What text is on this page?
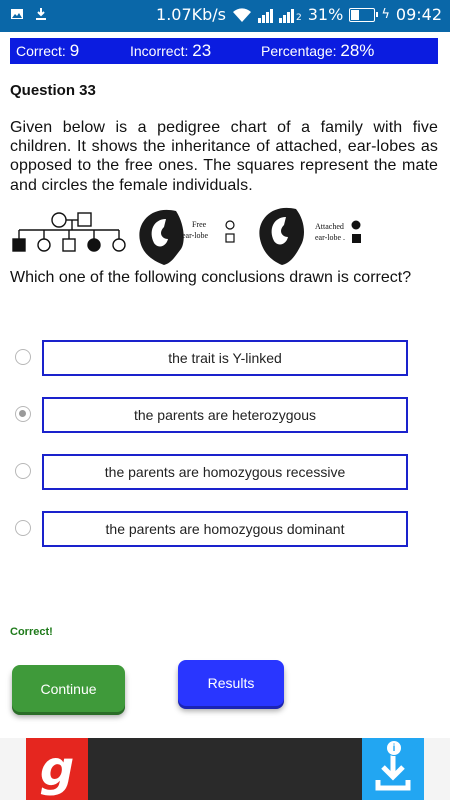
1.07Kb/s	2 31%	ϟ 09:42
Correct: 9	Incorrect: 23	Percentage: 28%
Question 33
Given below is a pedigree chart of a family with five children. It shows the inheritance of attached, ear-lobes as opposed to the free ones. The squares represent the mate and circles the female individuals.
Free
ear-lobe
Attached
ear-lobe .
Which one of the following conclusions drawn is correct?
the trait is Y-linked
the parents are heterozygous
the parents are homozygous recessive
the parents are homozygous dominant
Correct!
Continue	Results
g	i ✕
